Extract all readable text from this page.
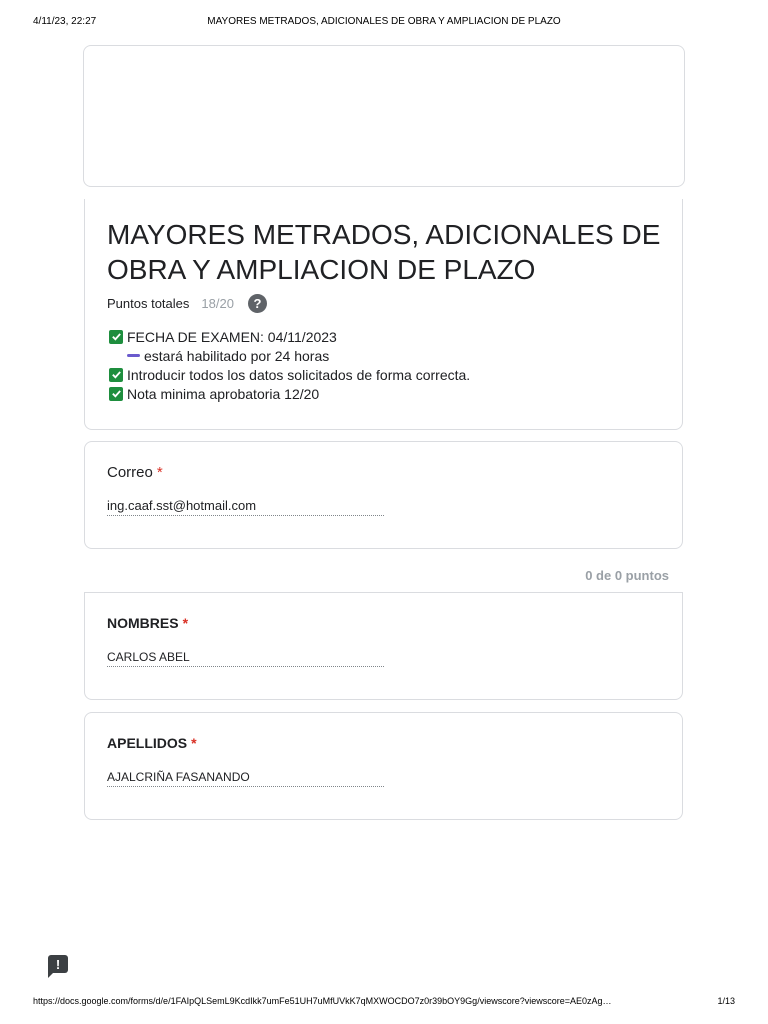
4/11/23, 22:27	MAYORES METRADOS, ADICIONALES DE OBRA Y AMPLIACION DE PLAZO
MAYORES METRADOS, ADICIONALES DE OBRA Y AMPLIACION DE PLAZO
Puntos totales 18/20	?
FECHA DE EXAMEN: 04/11/2023
estará habilitado por 24 horas
Introducir todos los datos solicitados de forma correcta.
Nota minima aprobatoria 12/20
Correo *
ing.caaf.sst@hotmail.com
0 de 0 puntos
NOMBRES *
CARLOS ABEL
APELLIDOS *
AJALCRIÑA FASANANDO
!
https://docs.google.com/forms/d/e/1FAIpQLSemL9KcdIkk7umFe51UH7uMfUVkK7qMXWOCDO7z0r39bOY9Gg/viewscore?viewscore=AE0zAg…	1/13
